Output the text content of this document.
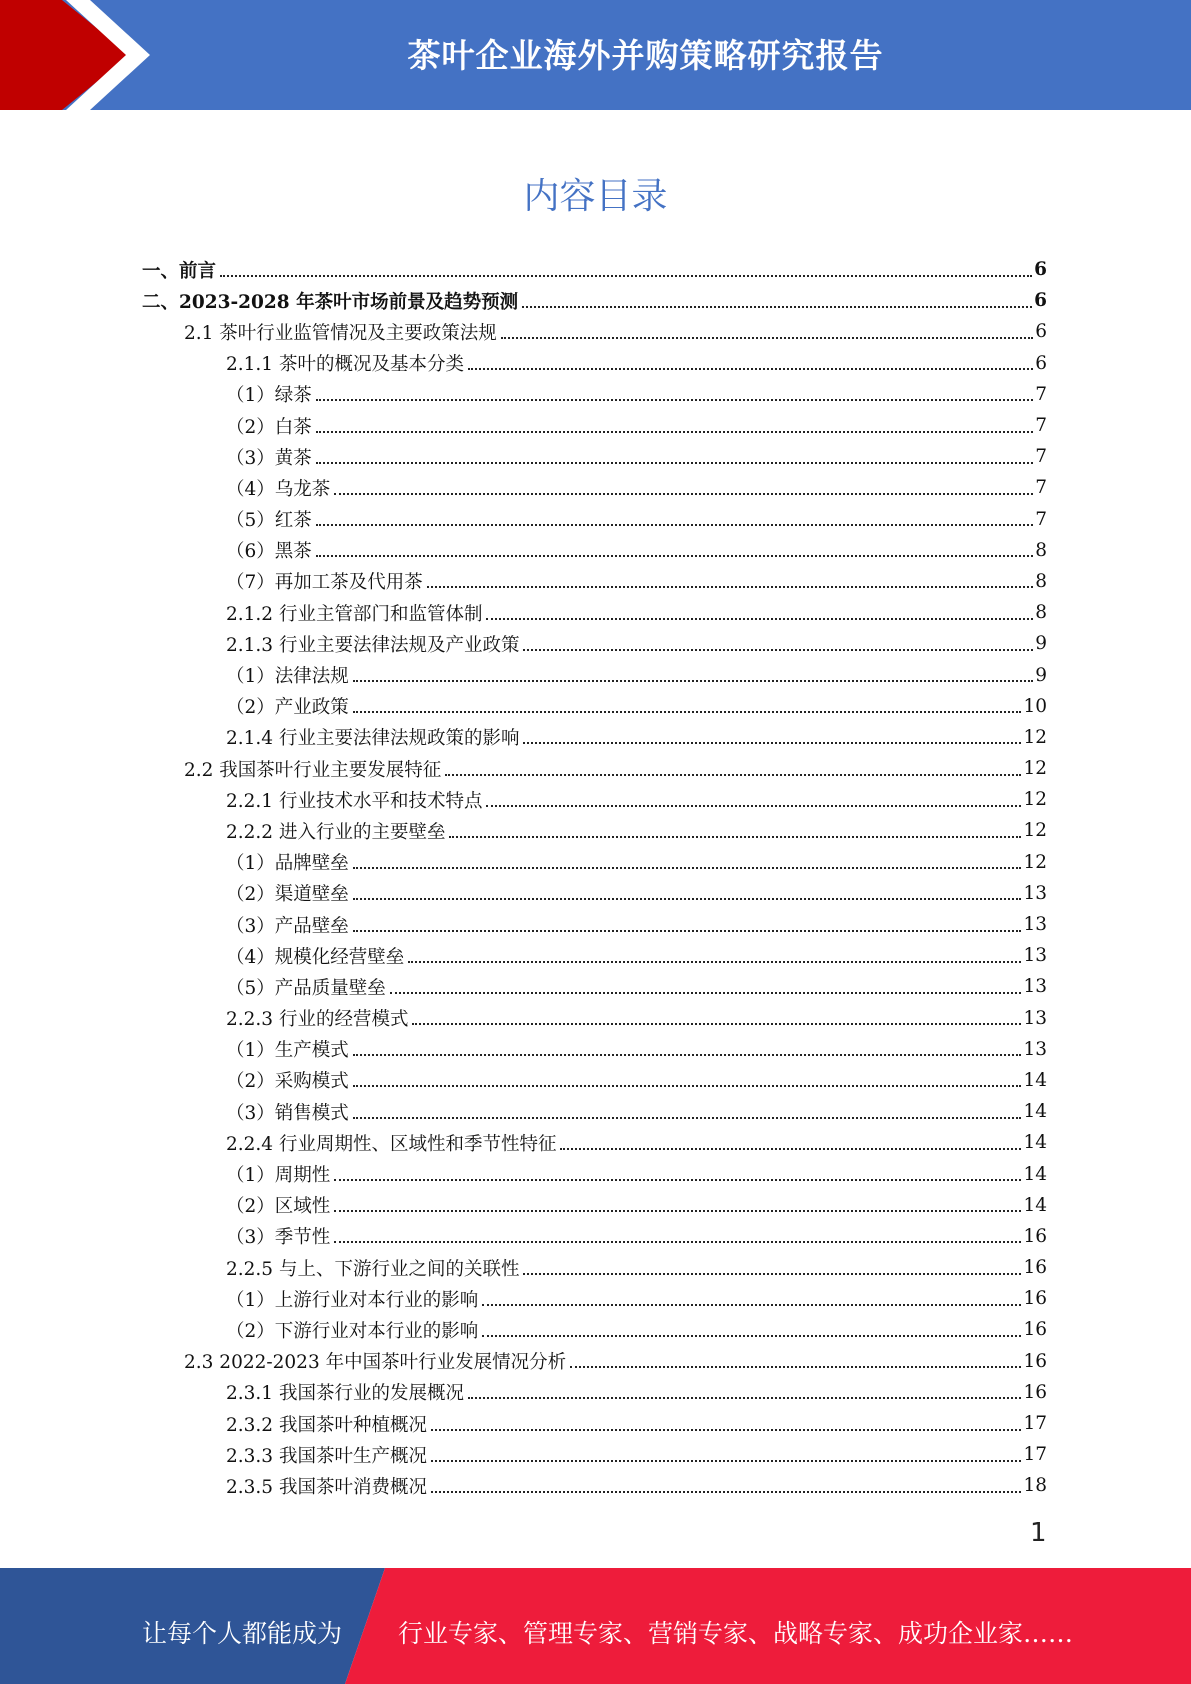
茶叶企业海外并购策略研究报告
内容目录
一、前言	6
二、2023-2028 年茶叶市场前景及趋势预测	6
2.1 茶叶行业监管情况及主要政策法规	6
2.1.1 茶叶的概况及基本分类	6
（1）绿茶	7
（2）白茶	7
（3）黄茶	7
（4）乌龙茶	7
（5）红茶	7
（6）黑茶	8
（7）再加工茶及代用茶	8
2.1.2 行业主管部门和监管体制	8
2.1.3 行业主要法律法规及产业政策	9
（1）法律法规	9
（2）产业政策	10
2.1.4 行业主要法律法规政策的影响	12
2.2 我国茶叶行业主要发展特征	12
2.2.1 行业技术水平和技术特点	12
2.2.2 进入行业的主要壁垒	12
（1）品牌壁垒	12
（2）渠道壁垒	13
（3）产品壁垒	13
（4）规模化经营壁垒	13
（5）产品质量壁垒	13
2.2.3 行业的经营模式	13
（1）生产模式	13
（2）采购模式	14
（3）销售模式	14
2.2.4 行业周期性、区域性和季节性特征	14
（1）周期性	14
（2）区域性	14
（3）季节性	16
2.2.5 与上、下游行业之间的关联性	16
（1）上游行业对本行业的影响	16
（2）下游行业对本行业的影响	16
2.3 2022-2023 年中国茶叶行业发展情况分析	16
2.3.1 我国茶行业的发展概况	16
2.3.2 我国茶叶种植概况	17
2.3.3 我国茶叶生产概况	17
2.3.5 我国茶叶消费概况	18
1
让每个人都能成为 行业专家、管理专家、营销专家、战略专家、成功企业家……
